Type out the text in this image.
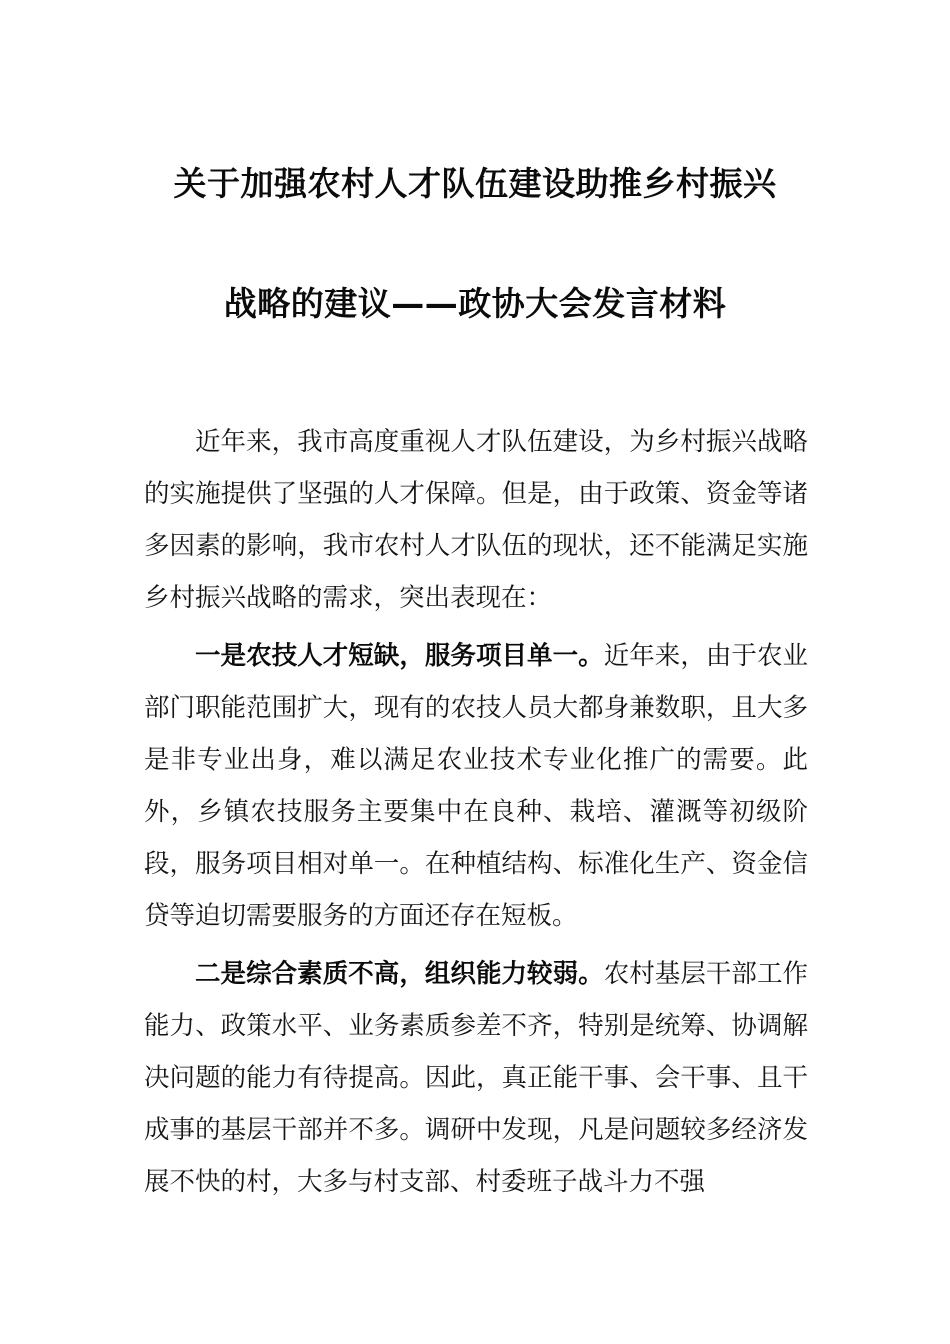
关于加强农村人才队伍建设助推乡村振兴
战略的建议——政协大会发言材料

近年来，我市高度重视人才队伍建设，为乡村振兴战略的实施提供了坚强的人才保障。但是，由于政策、资金等诸多因素的影响，我市农村人才队伍的现状，还不能满足实施乡村振兴战略的需求，突出表现在：

一是农技人才短缺，服务项目单一。近年来，由于农业部门职能范围扩大，现有的农技人员大都身兼数职，且大多是非专业出身，难以满足农业技术专业化推广的需要。此外，乡镇农技服务主要集中在良种、栽培、灌溉等初级阶段，服务项目相对单一。在种植结构、标准化生产、资金信贷等迫切需要服务的方面还存在短板。

二是综合素质不高，组织能力较弱。农村基层干部工作能力、政策水平、业务素质参差不齐，特别是统筹、协调解决问题的能力有待提高。因此，真正能干事、会干事、且干成事的基层干部并不多。调研中发现，凡是问题较多经济发展不快的村，大多与村支部、村委班子战斗力不强
